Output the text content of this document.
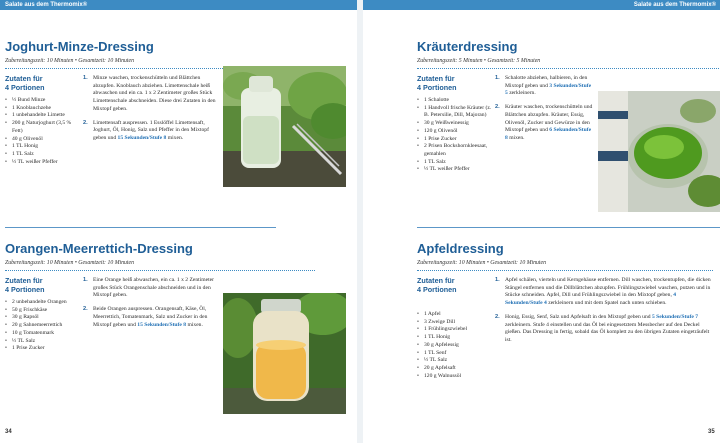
Salate aus dem Thermomix®	Salate aus dem Thermomix®
Joghurt-Minze-Dressing
Zubereitungszeit: 10 Minuten • Gesamtzeit: 10 Minuten
Zutaten für
4 Portionen
• ½ Bund Minze
• 1 Knoblauchzehe
• 1 unbehandelte Limette
• 200 g Naturjoghurt (3,5 % Fett)
• 40 g Olivenöl
• 1 TL Honig
• 1 TL Salz
• ½ TL weißer Pfeffer
1. Minze waschen, trockenschütteln und Blättchen abzupfen. Knoblauch abziehen. Limettenschale heiß abwaschen und ein ca. 1 x 2 Zentimeter großes Stück Limettenschale abschneiden. Diese drei Zutaten in den Mixtopf geben.
2. Limettensaft auspressen. 1 Esslöffel Limettensaft, Joghurt, Öl, Honig, Salz und Pfeffer in den Mixtopf geben und 15 Sekunden/Stufe 8 mixen.
Kräuterdressing
Zubereitungszeit: 5 Minuten • Gesamtzeit: 5 Minuten
Zutaten für
4 Portionen
• 1 Schalotte
• 1 Handvoll frische Kräuter (z. B. Petersilie, Dill, Majoran)
• 30 g Weißweinessig
• 120 g Olivenöl
• 1 Prise Zucker
• 2 Prisen Bockshornkleesaat, gemahlen
• 1 TL Salz
• ½ TL weißer Pfeffer
1. Schalotte abziehen, halbieren, in den Mixtopf geben und 3 Sekunden/Stufe 5 zerkleinern.
2. Kräuter waschen, trockenschütteln und Blättchen abzupfen. Kräuter, Essig, Olivenöl, Zucker und Gewürze in den Mixtopf geben und 6 Sekunden/Stufe 8 mixen.
Orangen-Meerrettich-Dressing
Zubereitungszeit: 10 Minuten • Gesamtzeit: 10 Minuten
Zutaten für
4 Portionen
• 2 unbehandelte Orangen
• 50 g Frischkäse
• 30 g Rapsöl
• 20 g Sahnemeerrettich
• 10 g Tomatenmark
• ½ TL Salz
• 1 Prise Zucker
1. Eine Orange heiß abwaschen, ein ca. 1 x 2 Zentimeter großes Stück Orangenschale abschneiden und in den Mixtopf geben.
2. Beide Orangen auspressen. Orangensaft, Käse, Öl, Meerrettich, Tomatenmark, Salz und Zucker in den Mixtopf geben und 15 Sekunden/Stufe 8 mixen.
Apfeldressing
Zubereitungszeit: 10 Minuten • Gesamtzeit: 10 Minuten
Zutaten für
4 Portionen
• 1 Apfel
• 3 Zweige Dill
• 1 Frühlingszwiebel
• 1 TL Honig
• 30 g Apfelessig
• 1 TL Senf
• ½ TL Salz
• 20 g Apfelsaft
• 120 g Walnussöl
1. Apfel schälen, vierteln und Kerngehäuse entfernen. Dill waschen, trockentupfen, die dicken Stängel entfernen und die Dillblättchen abzupfen. Frühlingszwiebel waschen, putzen und in Stücke schneiden. Apfel, Dill und Frühlingszwiebel in den Mixtopf geben, 4 Sekunden/Stufe 4 zerkleinern und mit dem Spatel nach unten schieben.
2. Honig, Essig, Senf, Salz und Apfelsaft in den Mixtopf geben und 5 Sekunden/Stufe 7 zerkleinern. Stufe 4 einstellen und das Öl bei eingesetztem Messbecher auf den Deckel gießen. Das Dressing in fertig, sobald das Öl komplett zu den übrigen Zutaten eingeträufelt ist.
34	35
